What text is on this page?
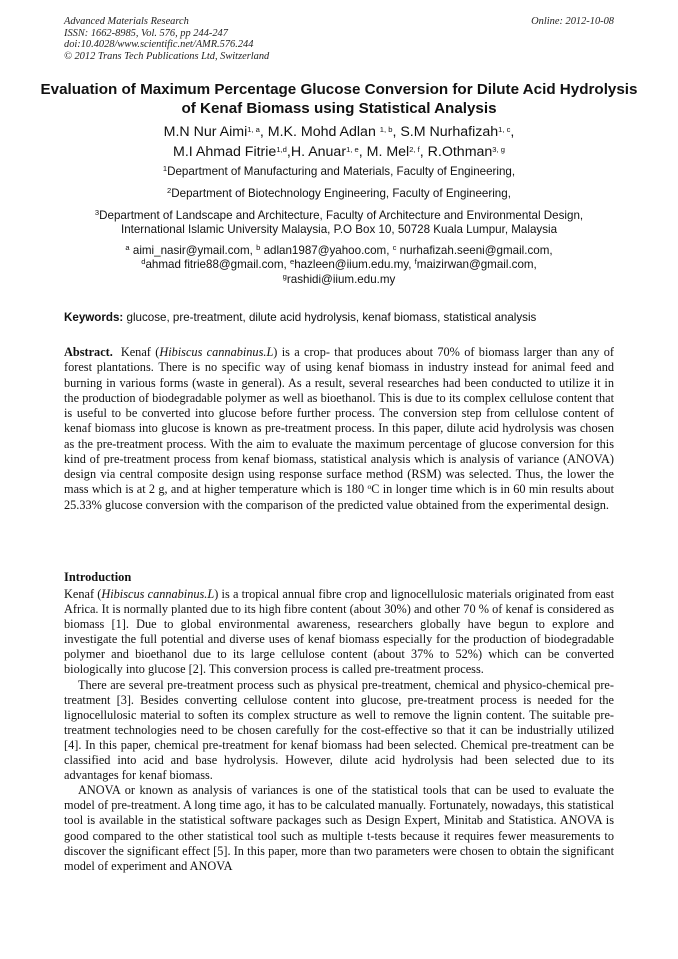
Advanced Materials Research
ISSN: 1662-8985, Vol. 576, pp 244-247
doi:10.4028/www.scientific.net/AMR.576.244
© 2012 Trans Tech Publications Ltd, Switzerland
Online: 2012-10-08
Evaluation of Maximum Percentage Glucose Conversion for Dilute Acid Hydrolysis of Kenaf Biomass using Statistical Analysis
M.N Nur Aimi$^{1, a}$, M.K. Mohd Adlan $^{1, b}$, S.M Nurhafizah$^{1, c}$,
M.I Ahmad Fitrie$^{1,d}$,H. Anuar$^{1, e}$, M. Mel$^{2, f}$, R.Othman$^{3, g}$
$^1$Department of Manufacturing and Materials, Faculty of Engineering,
$^2$Department of Biotechnology Engineering, Faculty of Engineering,
$^3$Department of Landscape and Architecture, Faculty of Architecture and Environmental Design,
International Islamic University Malaysia, P.O Box 10, 50728 Kuala Lumpur, Malaysia
$^a$ aimi_nasir@ymail.com, $^b$ adlan1987@yahoo.com, $^c$ nurhafizah.seeni@gmail.com,
$^d$ahmad fitrie88@gmail.com, $^e$hazleen@iium.edu.my, $^f$maizirwan@gmail.com,
$^g$rashidi@iium.edu.my
Keywords: glucose, pre-treatment, dilute acid hydrolysis, kenaf biomass, statistical analysis
Abstract. Kenaf (Hibiscus cannabinus.L) is a crop- that produces about 70% of biomass larger than any of forest plantations. There is no specific way of using kenaf biomass in industry instead for animal feed and burning in various forms (waste in general). As a result, several researches had been conducted to utilize it in the production of biodegradable polymer as well as bioethanol. This is due to its complex cellulose content that is useful to be converted into glucose before further process. The conversion step from cellulose content of kenaf biomass into glucose is known as pre-treatment process. In this paper, dilute acid hydrolysis was chosen as the pre-treatment process. With the aim to evaluate the maximum percentage of glucose conversion for this kind of pre-treatment process from kenaf biomass, statistical analysis which is analysis of variance (ANOVA) design via central composite design using response surface method (RSM) was selected. Thus, the lower the mass which is at 2 g, and at higher temperature which is 180 $^o$C in longer time which is in 60 min results about 25.33% glucose conversion with the comparison of the predicted value obtained from the experimental design.
Introduction

Kenaf (Hibiscus cannabinus.L) is a tropical annual fibre crop and lignocellulosic materials originated from east Africa. It is normally planted due to its high fibre content (about 30%) and other 70 % of kenaf is considered as biomass [1]. Due to global environmental awareness, researchers globally have begun to explore and investigate the full potential and diverse uses of kenaf biomass especially for the production of biodegradable polymer and bioethanol due to its large cellulose content (about 37% to 52%) which can be converted biologically into glucose [2]. This conversion process is called pre-treatment process.

There are several pre-treatment process such as physical pre-treatment, chemical and physico-chemical pre-treatment [3]. Besides converting cellulose content into glucose, pre-treatment process is needed for the lignocellulosic material to soften its complex structure as well to remove the lignin content. The suitable pre-treatment technologies need to be chosen carefully for the cost-effective so that it can be industrially utilized [4]. In this paper, chemical pre-treatment for kenaf biomass had been selected. Chemical pre-treatment can be classified into acid and base hydrolysis. However, dilute acid hydrolysis had been selected due to its advantages for kenaf biomass.

ANOVA or known as analysis of variances is one of the statistical tools that can be used to evaluate the model of pre-treatment. A long time ago, it has to be calculated manually. Fortunately, nowadays, this statistical tool is available in the statistical software packages such as Design Expert, Minitab and Statistica. ANOVA is good compared to the other statistical tool such as multiple t-tests because it requires fewer measurements to discover the significant effect [5]. In this paper, more than two parameters were chosen to obtain the significant model of experiment and ANOVA
